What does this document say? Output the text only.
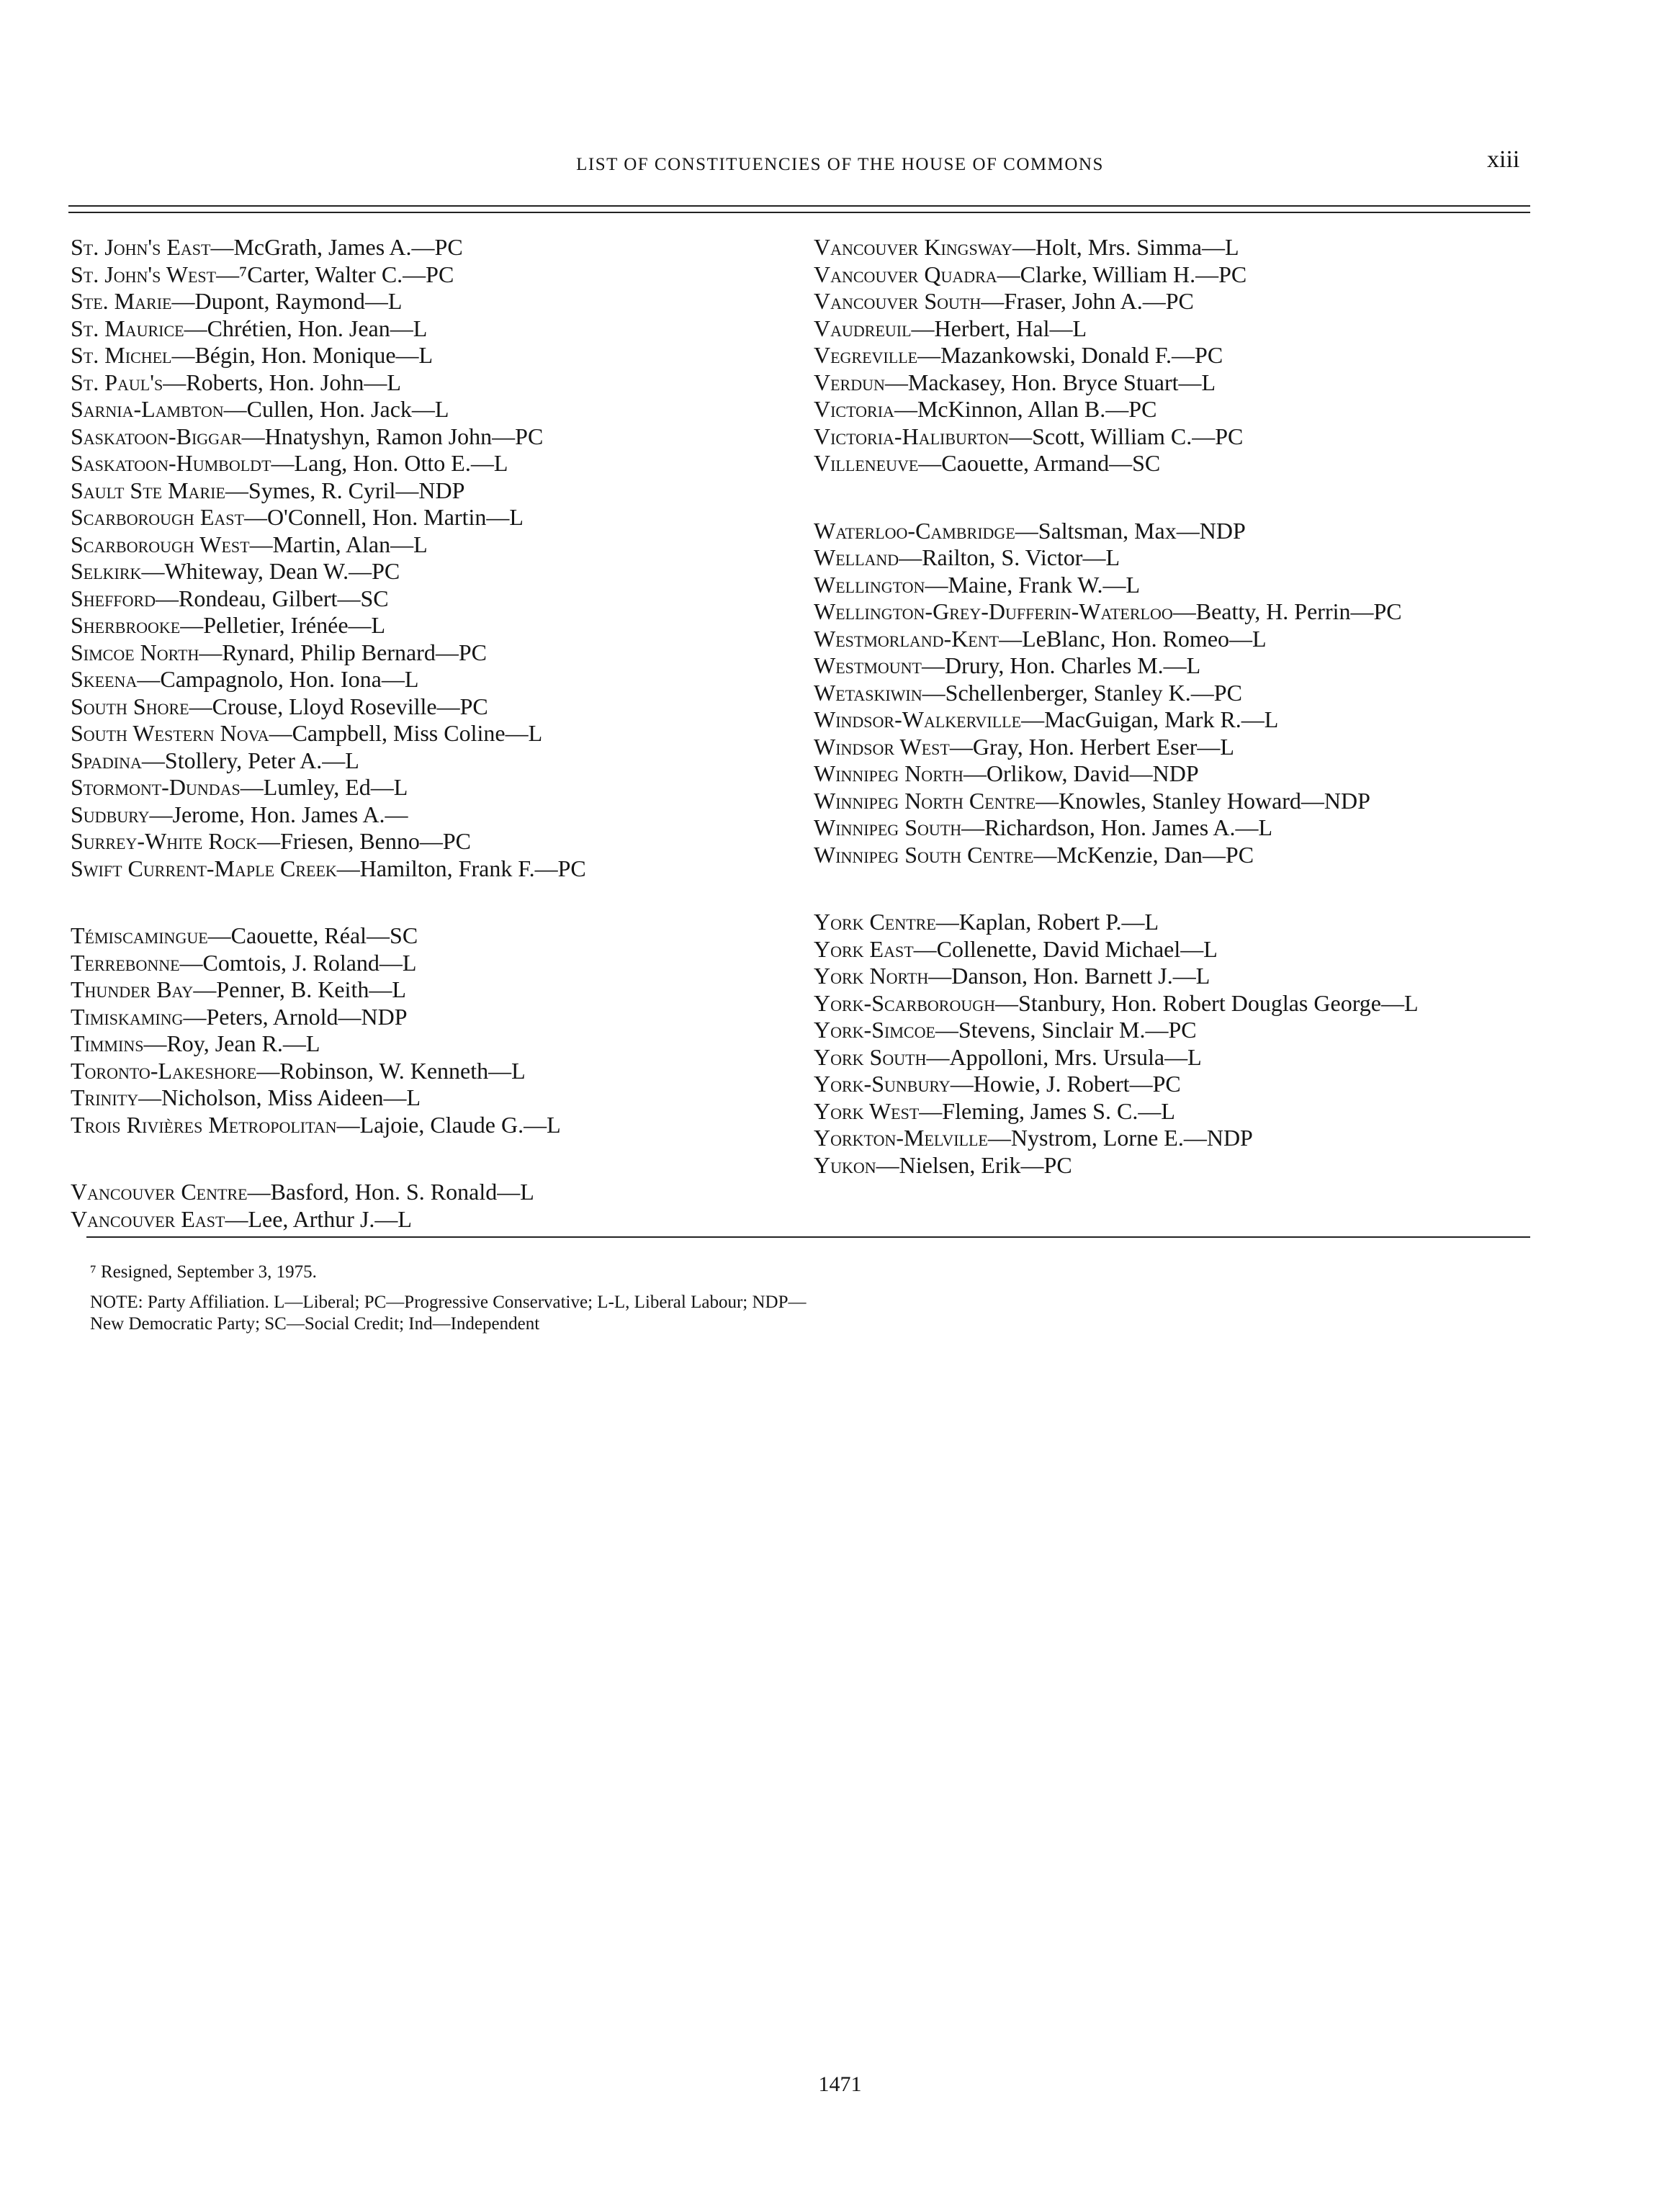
LIST OF CONSTITUENCIES OF THE HOUSE OF COMMONS	xiii
St. John's East—McGrath, James A.—PC
St. John's West—⁷Carter, Walter C.—PC
Ste. Marie—Dupont, Raymond—L
St. Maurice—Chrétien, Hon. Jean—L
St. Michel—Bégin, Hon. Monique—L
St. Paul's—Roberts, Hon. John—L
Sarnia-Lambton—Cullen, Hon. Jack—L
Saskatoon-Biggar—Hnatyshyn, Ramon John—PC
Saskatoon-Humboldt—Lang, Hon. Otto E.—L
Sault Ste Marie—Symes, R. Cyril—NDP
Scarborough East—O'Connell, Hon. Martin—L
Scarborough West—Martin, Alan—L
Selkirk—Whiteway, Dean W.—PC
Shefford—Rondeau, Gilbert—SC
Sherbrooke—Pelletier, Irénée—L
Simcoe North—Rynard, Philip Bernard—PC
Skeena—Campagnolo, Hon. Iona—L
South Shore—Crouse, Lloyd Roseville—PC
South Western Nova—Campbell, Miss Coline—L
Spadina—Stollery, Peter A.—L
Stormont-Dundas—Lumley, Ed—L
Sudbury—Jerome, Hon. James A.—
Surrey-White Rock—Friesen, Benno—PC
Swift Current-Maple Creek—Hamilton, Frank F.—PC
Témiscamingue—Caouette, Réal—SC
Terrebonne—Comtois, J. Roland—L
Thunder Bay—Penner, B. Keith—L
Timiskaming—Peters, Arnold—NDP
Timmins—Roy, Jean R.—L
Toronto-Lakeshore—Robinson, W. Kenneth—L
Trinity—Nicholson, Miss Aideen—L
Trois Rivières Metropolitan—Lajoie, Claude G.—L
Vancouver Centre—Basford, Hon. S. Ronald—L
Vancouver East—Lee, Arthur J.—L
Vancouver Kingsway—Holt, Mrs. Simma—L
Vancouver Quadra—Clarke, William H.—PC
Vancouver South—Fraser, John A.—PC
Vaudreuil—Herbert, Hal—L
Vegreville—Mazankowski, Donald F.—PC
Verdun—Mackasey, Hon. Bryce Stuart—L
Victoria—McKinnon, Allan B.—PC
Victoria-Haliburton—Scott, William C.—PC
Villeneuve—Caouette, Armand—SC
Waterloo-Cambridge—Saltsman, Max—NDP
Welland—Railton, S. Victor—L
Wellington—Maine, Frank W.—L
Wellington-Grey-Dufferin-Waterloo—Beatty, H. Perrin—PC
Westmorland-Kent—LeBlanc, Hon. Romeo—L
Westmount—Drury, Hon. Charles M.—L
Wetaskiwin—Schellenberger, Stanley K.—PC
Windsor-Walkerville—MacGuigan, Mark R.—L
Windsor West—Gray, Hon. Herbert Eser—L
Winnipeg North—Orlikow, David—NDP
Winnipeg North Centre—Knowles, Stanley Howard—NDP
Winnipeg South—Richardson, Hon. James A.—L
Winnipeg South Centre—McKenzie, Dan—PC
York Centre—Kaplan, Robert P.—L
York East—Collenette, David Michael—L
York North—Danson, Hon. Barnett J.—L
York-Scarborough—Stanbury, Hon. Robert Douglas George—L
York-Simcoe—Stevens, Sinclair M.—PC
York South—Appolloni, Mrs. Ursula—L
York-Sunbury—Howie, J. Robert—PC
York West—Fleming, James S. C.—L
Yorkton-Melville—Nystrom, Lorne E.—NDP
Yukon—Nielsen, Erik—PC
⁷ Resigned, September 3, 1975.
NOTE: Party Affiliation. L—Liberal; PC—Progressive Conservative; L-L, Liberal Labour; NDP—New Democratic Party; SC—Social Credit; Ind—Independent
1471
